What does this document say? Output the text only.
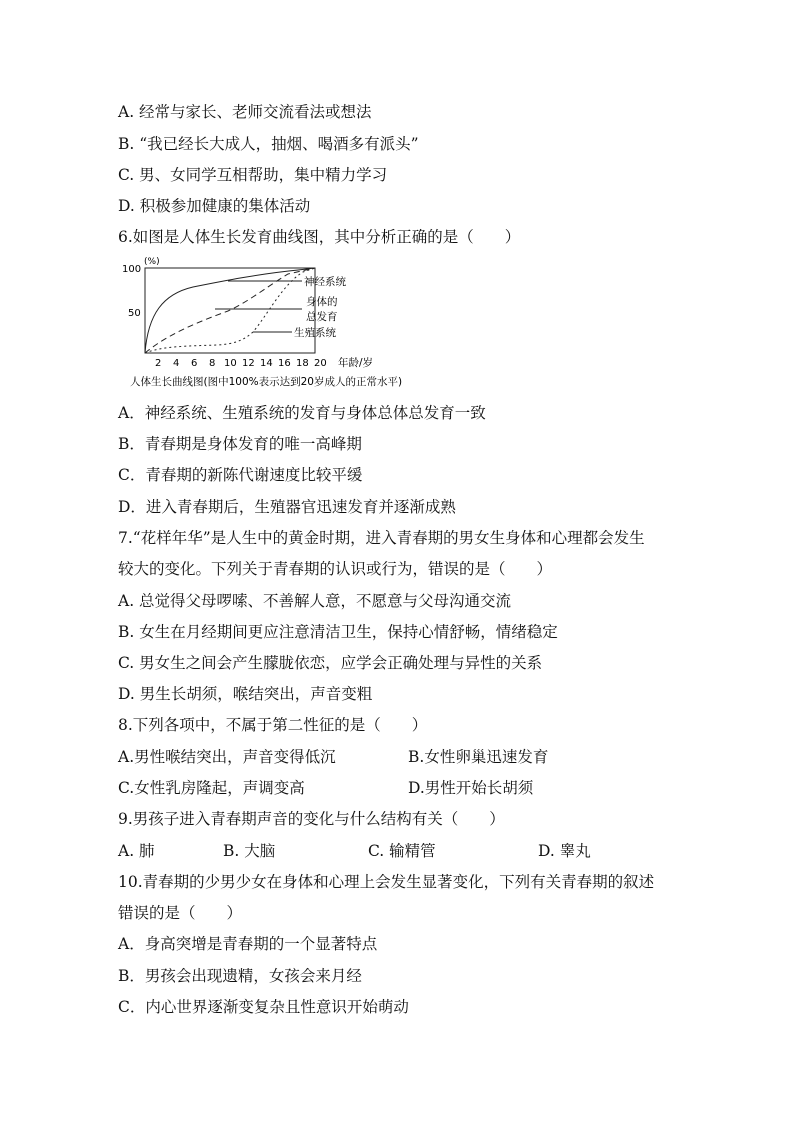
A. 经常与家长、老师交流看法或想法
B. “我已经长大成人，抽烟、喝酒多有派头”
C. 男、女同学互相帮助，集中精力学习
D. 积极参加健康的集体活动
6.如图是人体生长发育曲线图，其中分析正确的是（　　）
(%)
100
50
神经系统
身体的
总发育
生殖系统
2 4 6 8 10 12 14 16 18 20 年龄/岁
人体生长曲线图(图中100%表示达到20岁成人的正常水平)
A．神经系统、生殖系统的发育与身体总体总发育一致
B．青春期是身体发育的唯一高峰期
C．青春期的新陈代谢速度比较平缓
D．进入青春期后，生殖器官迅速发育并逐渐成熟
7.“花样年华”是人生中的黄金时期，进入青春期的男女生身体和心理都会发生
较大的变化。下列关于青春期的认识或行为，错误的是（　　）
A. 总觉得父母啰嗦、不善解人意，不愿意与父母沟通交流
B. 女生在月经期间更应注意清洁卫生，保持心情舒畅，情绪稳定
C. 男女生之间会产生朦胧依恋，应学会正确处理与异性的关系
D. 男生长胡须，喉结突出，声音变粗
8.下列各项中，不属于第二性征的是（　　）
A.男性喉结突出，声音变得低沉	B.女性卵巢迅速发育
C.女性乳房隆起，声调变高	D.男性开始长胡须
9.男孩子进入青春期声音的变化与什么结构有关（　　）
A. 肺	B. 大脑	C. 输精管	D. 睾丸
10.青春期的少男少女在身体和心理上会发生显著变化，下列有关青春期的叙述
错误的是（　　）
A．身高突增是青春期的一个显著特点
B．男孩会出现遗精，女孩会来月经
C．内心世界逐渐变复杂且性意识开始萌动
